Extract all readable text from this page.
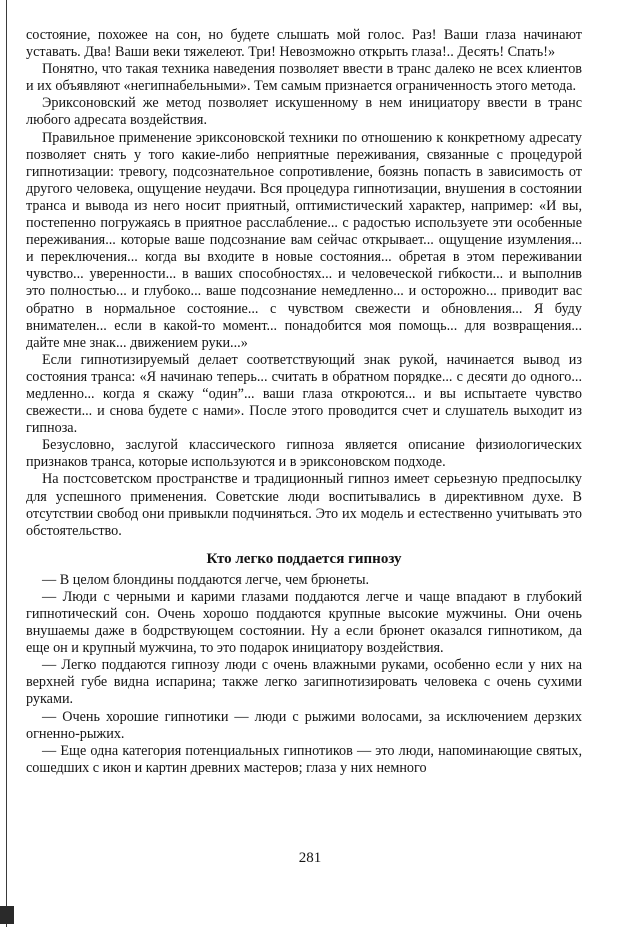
состояние, похожее на сон, но будете слышать мой голос. Раз! Ваши глаза начинают уставать. Два! Ваши веки тяжелеют. Три! Невозможно открыть глаза!.. Десять! Спать!»

Понятно, что такая техника наведения позволяет ввести в транс далеко не всех клиентов и их объявляют «негипнабельными». Тем самым признается ограниченность этого метода.

Эриксоновский же метод позволяет искушенному в нем инициатору ввести в транс любого адресата воздействия.

Правильное применение эриксоновской техники по отношению к конкретному адресату позволяет снять у того какие-либо неприятные переживания, связанные с процедурой гипнотизации: тревогу, подсознательное сопротивление, боязнь попасть в зависимость от другого человека, ощущение неудачи. Вся процедура гипнотизации, внушения в состоянии транса и вывода из него носит приятный, оптимистический характер, например: «И вы, постепенно погружаясь в приятное расслабление... с радостью используете эти особенные переживания... которые ваше подсознание вам сейчас открывает... ощущение изумления... и переключения... когда вы входите в новые состояния... обретая в этом переживании чувство... уверенности... в ваших способностях... и человеческой гибкости... и выполнив это полностью... и глубоко... ваше подсознание немедленно... и осторожно... приводит вас обратно в нормальное состояние... с чувством свежести и обновления... Я буду внимателен... если в какой-то момент... понадобится моя помощь... для возвращения... дайте мне знак... движением руки...»

Если гипнотизируемый делает соответствующий знак рукой, начинается вывод из состояния транса: «Я начинаю теперь... считать в обратном порядке... с десяти до одного... медленно... когда я скажу “один”... ваши глаза откроются... и вы испытаете чувство свежести... и снова будете с нами». После этого проводится счет и слушатель выходит из гипноза.

Безусловно, заслугой классического гипноза является описание физиологических признаков транса, которые используются и в эриксоновском подходе.

На постсоветском пространстве и традиционный гипноз имеет серьезную предпосылку для успешного применения. Советские люди воспитывались в директивном духе. В отсутствии свобод они привыкли подчиняться. Это их модель и естественно учитывать это обстоятельство.

Кто легко поддается гипнозу

— В целом блондины поддаются легче, чем брюнеты.

— Люди с черными и карими глазами поддаются легче и чаще впадают в глубокий гипнотический сон. Очень хорошо поддаются крупные высокие мужчины. Они очень внушаемы даже в бодрствующем состоянии. Ну а если брюнет оказался гипнотиком, да еще он и крупный мужчина, то это подарок инициатору воздействия.

— Легко поддаются гипнозу люди с очень влажными руками, особенно если у них на верхней губе видна испарина; также легко загипнотизировать человека с очень сухими руками.

— Очень хорошие гипнотики — люди с рыжими волосами, за исключением дерзких огненно-рыжих.

— Еще одна категория потенциальных гипнотиков — это люди, напоминающие святых, сошедших с икон и картин древних мастеров; глаза у них немного

281
